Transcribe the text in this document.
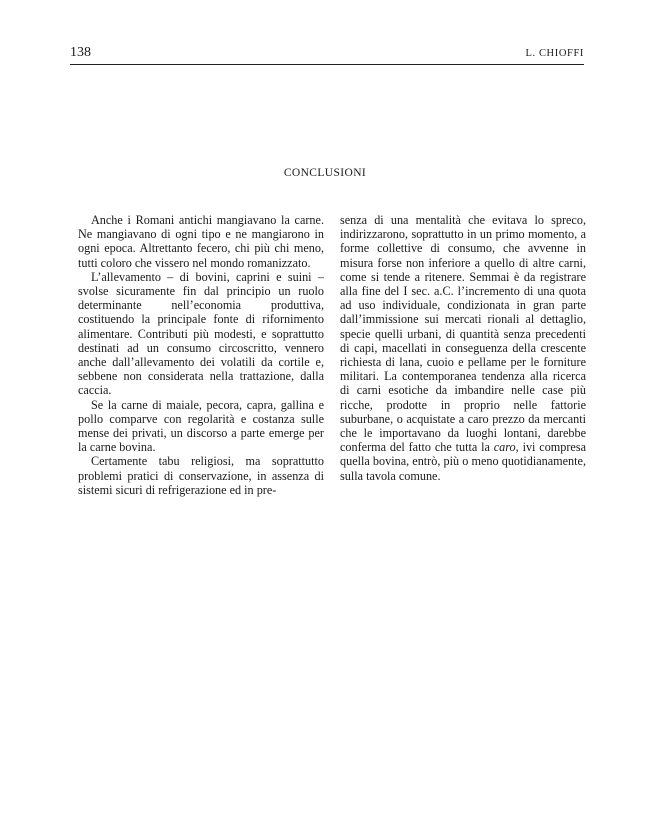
138	L. CHIOFFI
CONCLUSIONI

Anche i Romani antichi mangiavano la carne. Ne mangiavano di ogni tipo e ne mangiarono in ogni epoca. Altrettanto fecero, chi più chi meno, tutti coloro che vissero nel mondo romanizzato.

L’allevamento – di bovini, caprini e suini – svolse sicuramente fin dal principio un ruolo determinante nell’economia produttiva, costituendo la principale fonte di rifornimento alimentare. Contributi più modesti, e soprattutto destinati ad un consumo circoscritto, vennero anche dall’allevamento dei volatili da cortile e, sebbene non considerata nella trattazione, dalla caccia.

Se la carne di maiale, pecora, capra, gallina e pollo comparve con regolarità e costanza sulle mense dei privati, un discorso a parte emerge per la carne bovina.

Certamente tabu religiosi, ma soprattutto problemi pratici di conservazione, in assenza di sistemi sicuri di refrigerazione ed in pre-

senza di una mentalità che evitava lo spreco, indirizzarono, soprattutto in un primo momento, a forme collettive di consumo, che avvenne in misura forse non inferiore a quello di altre carni, come si tende a ritenere. Semmai è da registrare alla fine del I sec. a.C. l’incremento di una quota ad uso individuale, condizionata in gran parte dall’immissione sui mercati rionali al dettaglio, specie quelli urbani, di quantità senza precedenti di capi, macellati in conseguenza della crescente richiesta di lana, cuoio e pellame per le forniture militari. La contemporanea tendenza alla ricerca di carni esotiche da imbandire nelle case più ricche, prodotte in proprio nelle fattorie suburbane, o acquistate a caro prezzo da mercanti che le importavano da luoghi lontani, darebbe conferma del fatto che tutta la caro, ivi compresa quella bovina, entrò, più o meno quotidianamente, sulla tavola comune.
